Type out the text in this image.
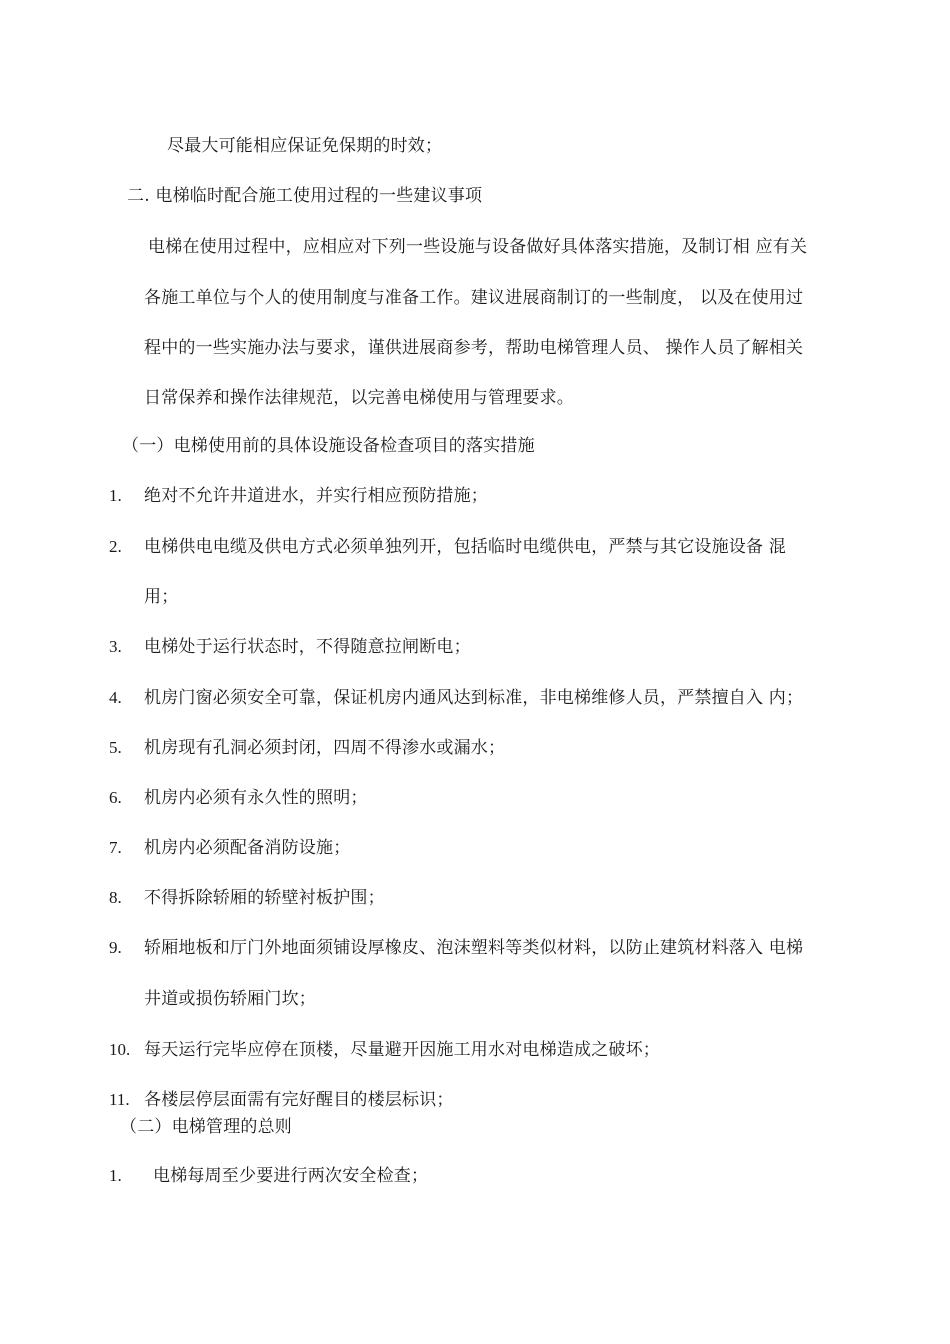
尽最大可能相应保证免保期的时效；
二. 电梯临时配合施工使用过程的一些建议事项
电梯在使用过程中，应相应对下列一些设施与设备做好具体落实措施，及制订相 应有关
各施工单位与个人的使用制度与准备工作。建议进展商制订的一些制度， 以及在使用过
程中的一些实施办法与要求，谨供进展商参考，帮助电梯管理人员、 操作人员了解相关
日常保养和操作法律规范，以完善电梯使用与管理要求。
（一）电梯使用前的具体设施设备检查项目的落实措施
1. 绝对不允许井道进水，并实行相应预防措施；
2. 电梯供电电缆及供电方式必须单独列开，包括临时电缆供电，严禁与其它设施设备 混
用；
3. 电梯处于运行状态时，不得随意拉闸断电；
4. 机房门窗必须安全可靠，保证机房内通风达到标准，非电梯维修人员，严禁擅自入 内；
5. 机房现有孔洞必须封闭，四周不得渗水或漏水；
6. 机房内必须有永久性的照明；
7. 机房内必须配备消防设施；
8. 不得拆除轿厢的轿壁衬板护围；
9. 轿厢地板和厅门外地面须铺设厚橡皮、泡沫塑料等类似材料，以防止建筑材料落入 电梯
井道或损伤轿厢门坎；
10. 每天运行完毕应停在顶楼，尽量避开因施工用水对电梯造成之破坏；
11. 各楼层停层面需有完好醒目的楼层标识；
（二）电梯管理的总则
1. 电梯每周至少要进行两次安全检查；
